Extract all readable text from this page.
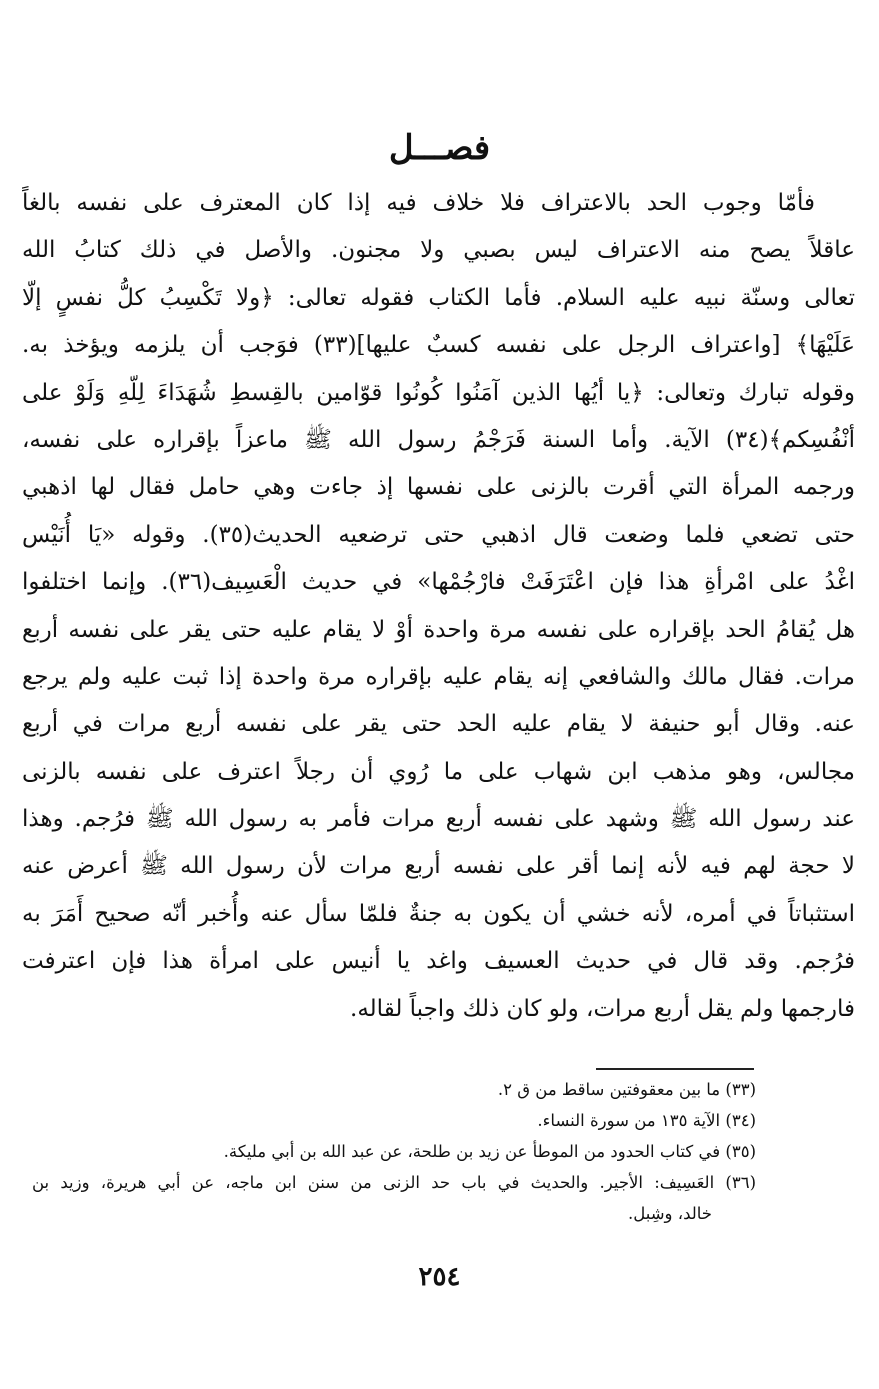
فصـــل
فأمّا وجوب الحد بالاعتراف فلا خلاف فيه إذا كان المعترف على نفسه بالغاً
عاقلاً يصح منه الاعتراف ليس بصبي ولا مجنون. والأصل في ذلك كتابُ الله
تعالى وسنّة نبيه عليه السلام. فأما الكتاب فقوله تعالى: ﴿ولا تَكْسِبُ كلُّ نفسٍ إلّا
عَلَيْهَا﴾ [واعتراف الرجل على نفسه كسبٌ عليها](٣٣) فوَجب أن يلزمه ويؤخذ به.
وقوله تبارك وتعالى: ﴿يا أيُها الذين آمَنُوا كُونُوا قوّامين بالقِسطِ شُهَدَاءَ لِلّهِ وَلَوْ على
أنْفُسِكم﴾(٣٤) الآية. وأما السنة فَرَجْمُ رسول الله ﷺ ماعزاً بإقراره على نفسه،
ورجمه المرأة التي أقرت بالزنى على نفسها إذ جاءت وهي حامل فقال لها اذهبي
حتى تضعي فلما وضعت قال اذهبي حتى ترضعيه الحديث(٣٥). وقوله «يَا أُنَيْس
اغْدُ على امْرأةِ هذا فإن اعْتَرَفَتْ فارْجُمْها» في حديث الْعَسِيف(٣٦). وإنما اختلفوا
هل يُقامُ الحد بإقراره على نفسه مرة واحدة أوْ لا يقام عليه حتى يقر على نفسه أربع
مرات. فقال مالك والشافعي إنه يقام عليه بإقراره مرة واحدة إذا ثبت عليه ولم يرجع
عنه. وقال أبو حنيفة لا يقام عليه الحد حتى يقر على نفسه أربع مرات في أربع
مجالس، وهو مذهب ابن شهاب على ما رُوي أن رجلاً اعترف على نفسه بالزنى
عند رسول الله ﷺ وشهد على نفسه أربع مرات فأمر به رسول الله ﷺ فرُجم. وهذا
لا حجة لهم فيه لأنه إنما أقر على نفسه أربع مرات لأن رسول الله ﷺ أعرض عنه
استثباتاً في أمره، لأنه خشي أن يكون به جنةٌ فلمّا سأل عنه وأُخبر أنّه صحيح أَمَرَ به
فرُجم. وقد قال في حديث العسيف واغد يا أنيس على امرأة هذا فإن اعترفت
فارجمها ولم يقل أربع مرات، ولو كان ذلك واجباً لقاله.
(٣٣) ما بين معقوفتين ساقط من ق ٢.
(٣٤) الآية ١٣٥ من سورة النساء.
(٣٥) في كتاب الحدود من الموطأ عن زيد بن طلحة، عن عبد الله بن أبي مليكة.
(٣٦) العَسِيف: الأجير. والحديث في باب حد الزنى من سنن ابن ماجه، عن أبي هريرة، وزيد بن
خالد، وشِبل.
٢٥٤
